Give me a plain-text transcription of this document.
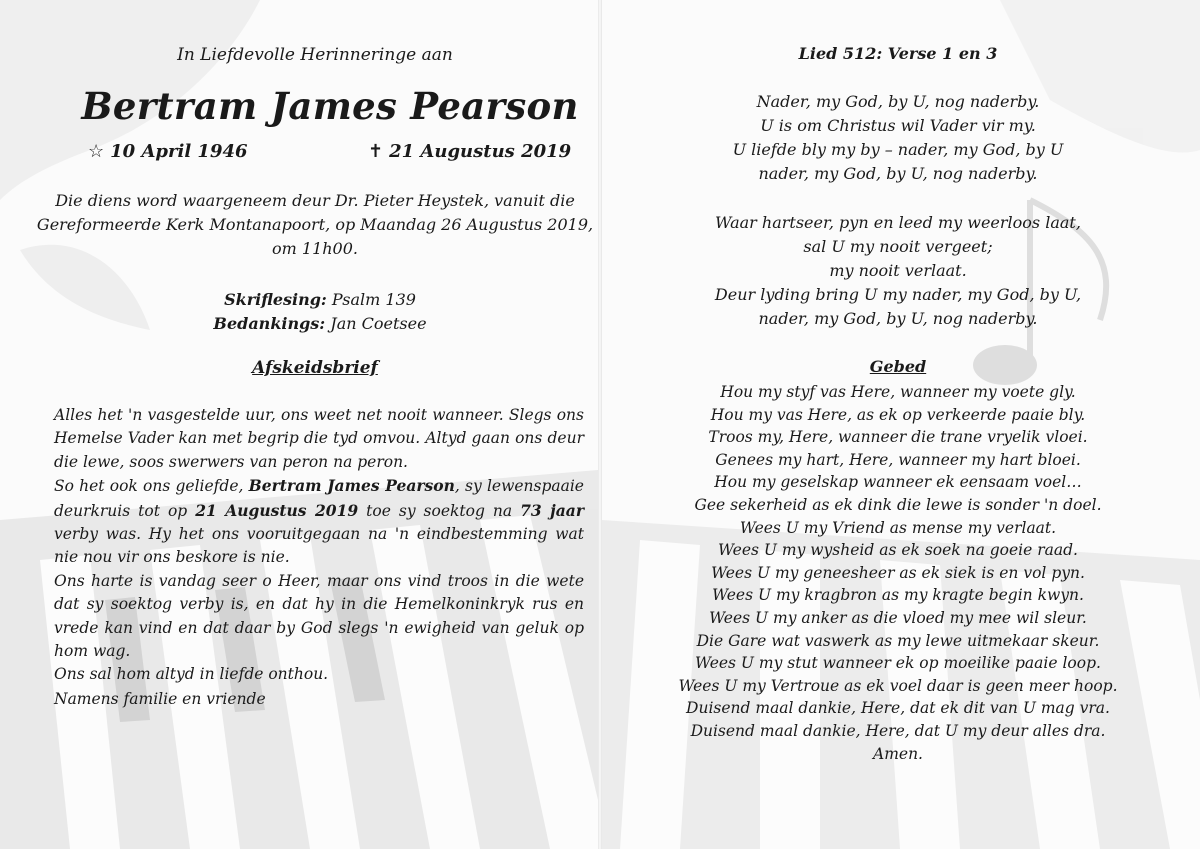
In Liefdevolle Herinneringe aan
Bertram James Pearson
☆ 10 April 1946	✝ 21 Augustus 2019
Die diens word waargeneem deur Dr. Pieter Heystek, vanuit die
Gereformeerde Kerk Montanapoort, op Maandag 26 Augustus 2019,
om 11h00.
Skriflesing: Psalm 139
Bedankings: Jan Coetsee
Afskeidsbrief

Alles het 'n vasgestelde uur, ons weet net nooit wanneer. Slegs ons Hemelse Vader kan met begrip die tyd omvou. Altyd gaan ons deur die lewe, soos swerwers van peron na peron.

So het ook ons geliefde, Bertram James Pearson, sy lewenspaaie deurkruis tot op 21 Augustus 2019 toe sy soektog na 73 jaar verby was. Hy het ons vooruitgegaan na 'n eindbestemming wat nie nou vir ons beskore is nie.

Ons harte is vandag seer o Heer, maar ons vind troos in die wete dat sy soektog verby is, en dat hy in die Hemelkoninkryk rus en vrede kan vind en dat daar by God slegs 'n ewigheid van geluk op hom wag.

Ons sal hom altyd in liefde onthou.

Namens familie en vriende
Lied 512: Verse 1 en 3
Nader, my God, by U, nog naderby.
U is om Christus wil Vader vir my.
U liefde bly my by – nader, my God, by U
nader, my God, by U, nog naderby.
Waar hartseer, pyn en leed my weerloos laat,
sal U my nooit vergeet;
my nooit verlaat.
Deur lyding bring U my nader, my God, by U,
nader, my God, by U, nog naderby.
Gebed
Hou my styf vas Here, wanneer my voete gly.
Hou my vas Here, as ek op verkeerde paaie bly.
Troos my, Here, wanneer die trane vryelik vloei.
Genees my hart, Here, wanneer my hart bloei.
Hou my geselskap wanneer ek eensaam voel…
Gee sekerheid as ek dink die lewe is sonder 'n doel.
Wees U my Vriend as mense my verlaat.
Wees U my wysheid as ek soek na goeie raad.
Wees U my geneesheer as ek siek is en vol pyn.
Wees U my kragbron as my kragte begin kwyn.
Wees U my anker as die vloed my mee wil sleur.
Die Gare wat vaswerk as my lewe uitmekaar skeur.
Wees U my stut wanneer ek op moeilike paaie loop.
Wees U my Vertroue as ek voel daar is geen meer hoop.
Duisend maal dankie, Here, dat ek dit van U mag vra.
Duisend maal dankie, Here, dat U my deur alles dra.
Amen.
